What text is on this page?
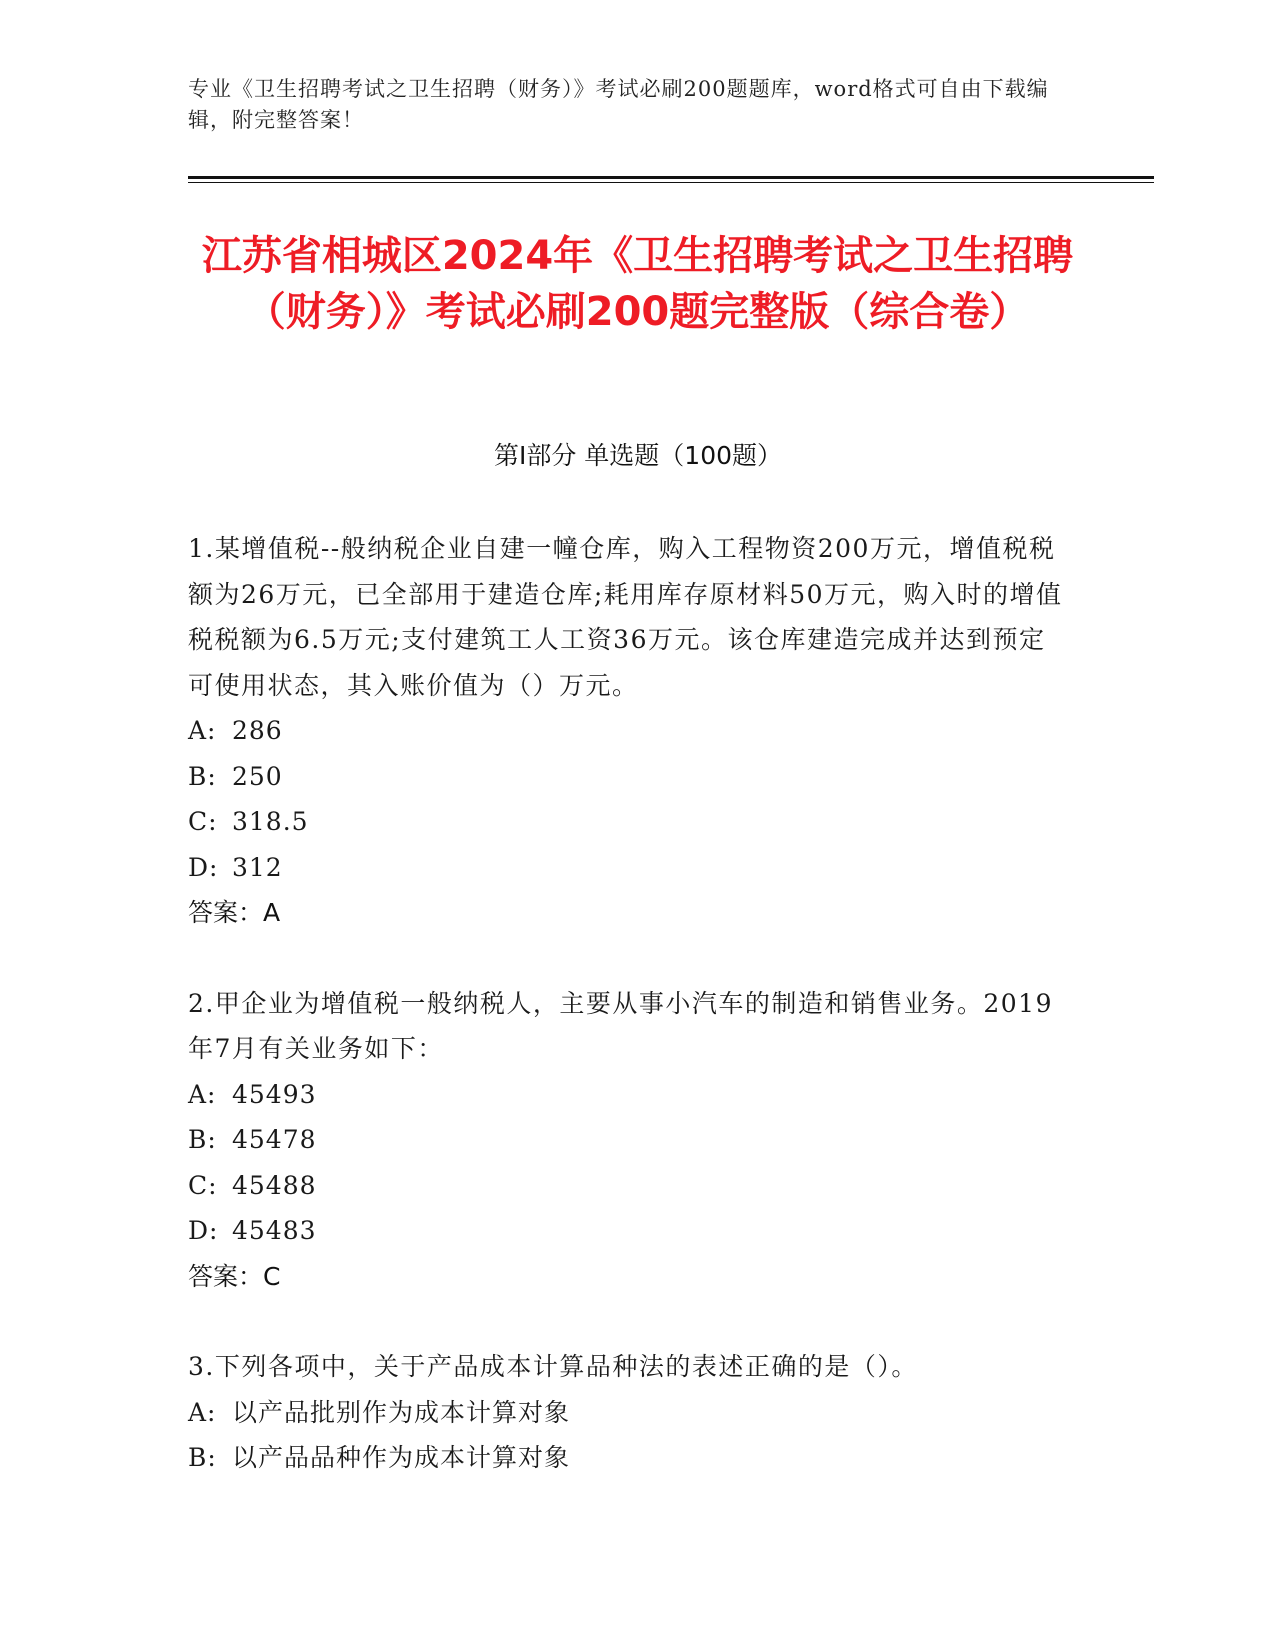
专业《卫生招聘考试之卫生招聘（财务）》考试必刷200题题库，word格式可自由下载编辑，附完整答案！
江苏省相城区2024年《卫生招聘考试之卫生招聘（财务）》考试必刷200题完整版（综合卷）
第Ⅰ部分 单选题（100题）

1.某增值税--般纳税企业自建一幢仓库，购入工程物资200万元，增值税税额为26万元，已全部用于建造仓库;耗用库存原材料50万元，购入时的增值税税额为6.5万元;支付建筑工人工资36万元。该仓库建造完成并达到预定可使用状态，其入账价值为（）万元。

A: 286

B: 250

C: 318.5

D: 312

答案：A

2.甲企业为增值税一般纳税人，主要从事小汽车的制造和销售业务。2019年7月有关业务如下：

A: 45493

B: 45478

C: 45488

D: 45483

答案：C

3.下列各项中，关于产品成本计算品种法的表述正确的是（）。

A: 以产品批别作为成本计算对象

B: 以产品品种作为成本计算对象
